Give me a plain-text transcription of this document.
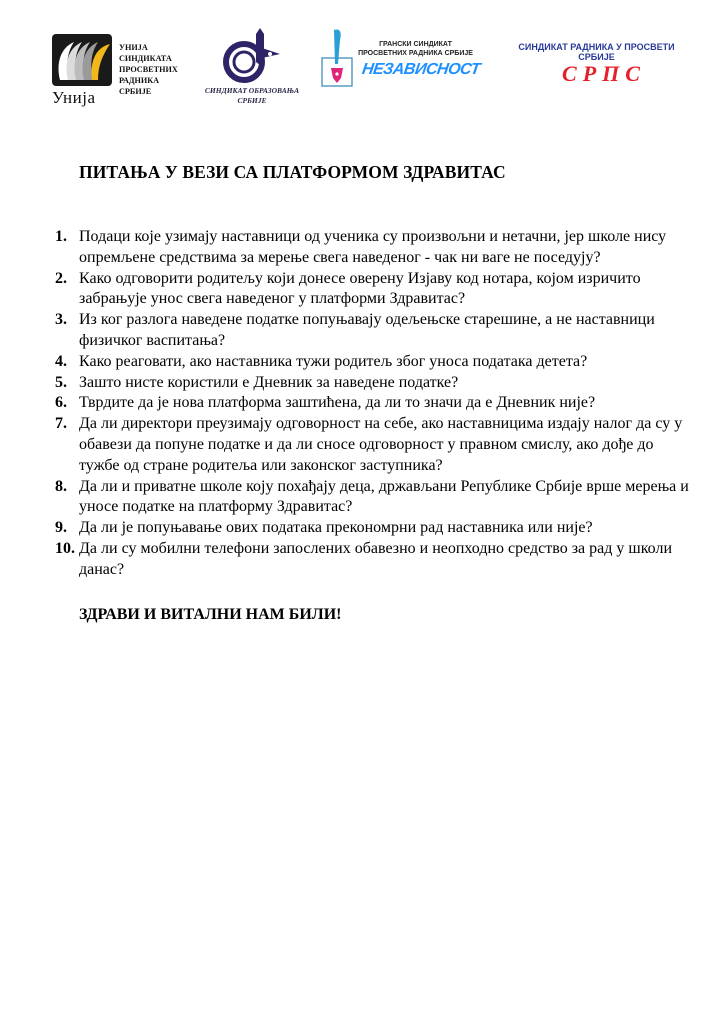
Унија
УНИЈА
СИНДИКАТА
ПРОСВЕТНИХ
РАДНИКА
СРБИЈЕ	СИНДИКАТ ОБРАЗОВАЊА
СРБИЈЕ
ГРАНСКИ СИНДИКАТ
ПРОСВЕТНИХ РАДНИКА СРБИЈЕ
НЕЗАВИСНОСТ
СИНДИКАТ РАДНИКА У ПРОСВЕТИ
СРБИЈЕ
СРПС
ПИТАЊА У ВЕЗИ СА ПЛАТФОРМОМ ЗДРАВИТАС
1. Подаци које узимају наставници од ученика су произвољни и нетачни, јер школе нису опремљене средствима за мерење свега наведеног - чак ни ваге не поседују?
2. Како одговорити родитељу који донесе оверену Изјаву код нотара, којом изричито забрањује унос свега наведеног у платформи Здравитас?
3. Из ког разлога наведене податке попуњавају одељењске старешине, а не наставници физичког васпитања?
4. Како реаговати, ако наставника тужи родитељ због уноса података детета?
5. Зашто нисте користили е Дневник за наведене податке?
6. Тврдите да је нова платформа заштићена, да ли то значи да е Дневник није?
7. Да ли директори преузимају одговорност на себе, ако наставницима издају налог да су у обавези да попуне податке и да ли сносе одговорност у правном смислу, ако дође до тужбе од стране родитеља или законског заступника?
8. Да ли и приватне школе коју похађају деца, држављани Републике Србије врше мерења и уносе податке на платформу Здравитас?
9. Да ли је попуњавање ових података прекономрни рад наставника или није?
10. Да ли су мобилни телефони запослених обавезно и неопходно средство за рад у школи данас?
ЗДРАВИ И ВИТАЛНИ НАМ БИЛИ!
